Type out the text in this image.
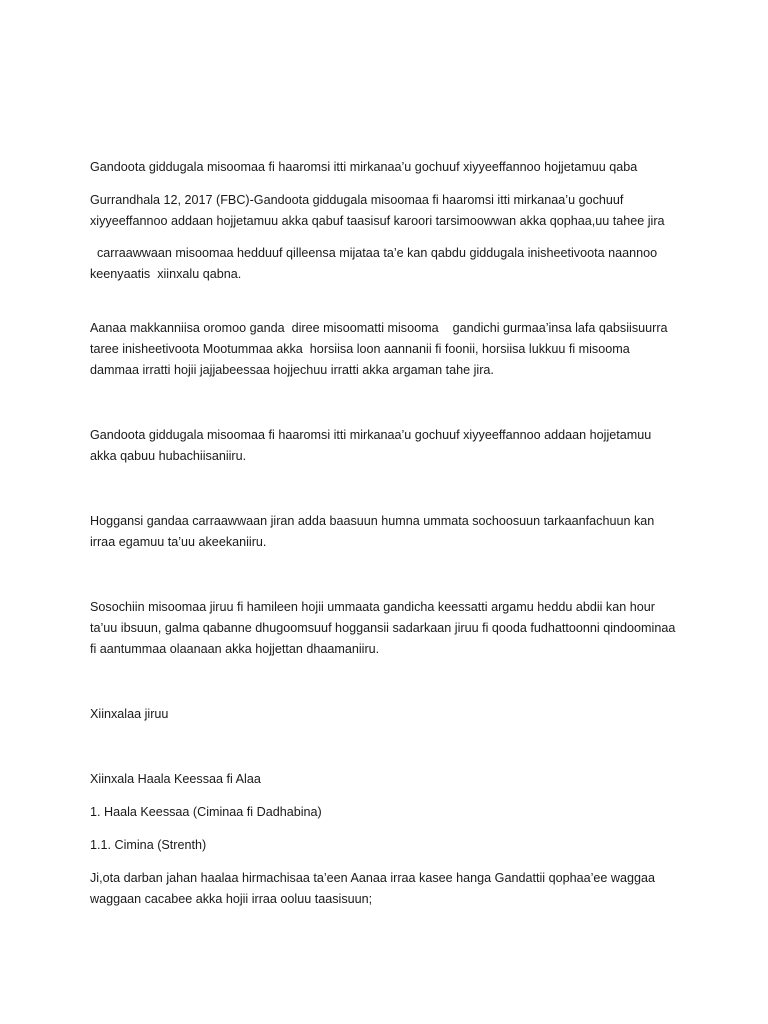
Gandoota giddugala misoomaa fi haaromsi itti mirkanaa’u gochuuf xiyyeeffannoo hojjetamuu qaba

Gurrandhala 12, 2017 (FBC)-Gandoota giddugala misoomaa fi haaromsi itti mirkanaa’u gochuuf xiyyeeffannoo addaan hojjetamuu akka qabuf taasisuf karoori tarsimoowwan akka qophaa,uu tahee jira

carraawwaan misoomaa hedduuf qilleensa mijataa ta’e kan qabdu giddugala inisheetivoota naannoo keenyaatis  xiinxalu qabna.

Aanaa makkanniisa oromoo ganda  diree misoomatti misooma    gandichi gurmaa’insa lafa qabsiisuurra taree inisheetivoota Mootummaa akka  horsiisa loon aannanii fi foonii, horsiisa lukkuu fi misooma dammaa irratti hojii jajjabeessaa hojjechuu irratti akka argaman tahe jira.

Gandoota giddugala misoomaa fi haaromsi itti mirkanaa’u gochuuf xiyyeeffannoo addaan hojjetamuu akka qabuu hubachiisaniiru.

Hoggansi gandaa carraawwaan jiran adda baasuun humna ummata sochoosuun tarkaanfachuun kan irraa egamuu ta’uu akeekaniiru.

Sosochiin misoomaa jiruu fi hamileen hojii ummaata gandicha keessatti argamu heddu abdii kan hour ta’uu ibsuun, galma qabanne dhugoomsuuf hoggansii sadarkaan jiruu fi qooda fudhattoonni qindoominaa fi aantummaa olaanaan akka hojjettan dhaamaniiru.

Xiinxalaa jiruu

Xiinxala Haala Keessaa fi Alaa

1. Haala Keessaa (Ciminaa fi Dadhabina)

1.1. Cimina (Strenth)

Ji,ota darban jahan haalaa hirmachisaa ta’een Aanaa irraa kasee hanga Gandattii qophaa’ee waggaa waggaan cacabee akka hojii irraa ooluu taasisuun;
